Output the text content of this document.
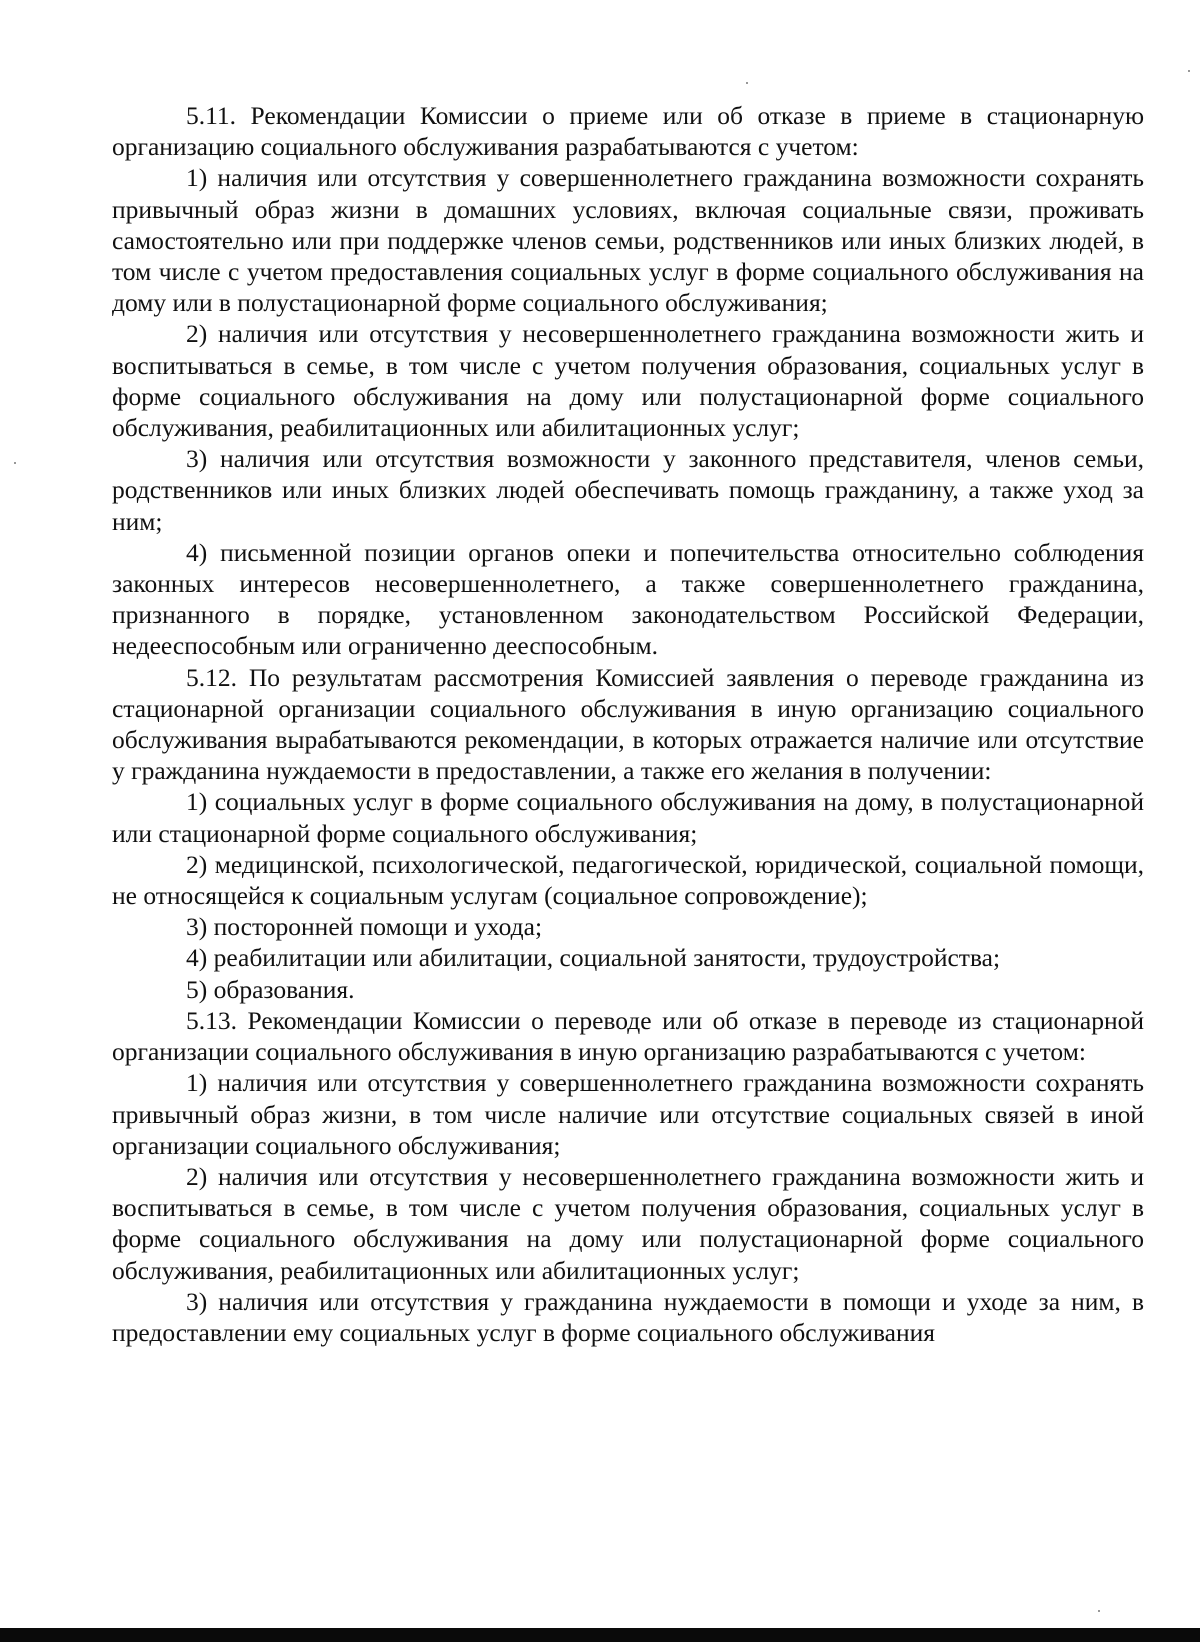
5.11. Рекомендации Комиссии о приеме или об отказе в приеме в стационарную организацию социального обслуживания разрабатываются с учетом:

1) наличия или отсутствия у совершеннолетнего гражданина возможности сохранять привычный образ жизни в домашних условиях, включая социальные связи, проживать самостоятельно или при поддержке членов семьи, родственников или иных близких людей, в том числе с учетом предоставления социальных услуг в форме социального обслуживания на дому или в полустационарной форме социального обслуживания;

2) наличия или отсутствия у несовершеннолетнего гражданина возможности жить и воспитываться в семье, в том числе с учетом получения образования, социальных услуг в форме социального обслуживания на дому или полустационарной форме социального обслуживания, реабилитационных или абилитационных услуг;

3) наличия или отсутствия возможности у законного представителя, членов семьи, родственников или иных близких людей обеспечивать помощь гражданину, а также уход за ним;

4) письменной позиции органов опеки и попечительства относительно соблюдения законных интересов несовершеннолетнего, а также совершеннолетнего гражданина, признанного в порядке, установленном законодательством Российской Федерации, недееспособным или ограниченно дееспособным.

5.12. По результатам рассмотрения Комиссией заявления о переводе гражданина из стационарной организации социального обслуживания в иную организацию социального обслуживания вырабатываются рекомендации, в которых отражается наличие или отсутствие у гражданина нуждаемости в предоставлении, а также его желания в получении:

1) социальных услуг в форме социального обслуживания на дому, в полустационарной или стационарной форме социального обслуживания;

2) медицинской, психологической, педагогической, юридической, социальной помощи, не относящейся к социальным услугам (социальное сопровождение);

3) посторонней помощи и ухода;

4) реабилитации или абилитации, социальной занятости, трудоустройства;

5) образования.

5.13. Рекомендации Комиссии о переводе или об отказе в переводе из стационарной организации социального обслуживания в иную организацию разрабатываются с учетом:

1) наличия или отсутствия у совершеннолетнего гражданина возможности сохранять привычный образ жизни, в том числе наличие или отсутствие социальных связей в иной организации социального обслуживания;

2) наличия или отсутствия у несовершеннолетнего гражданина возможности жить и воспитываться в семье, в том числе с учетом получения образования, социальных услуг в форме социального обслуживания на дому или полустационарной форме социального обслуживания, реабилитационных или абилитационных услуг;

3) наличия или отсутствия у гражданина нуждаемости в помощи и уходе за ним, в предоставлении ему социальных услуг в форме социального обслуживания
